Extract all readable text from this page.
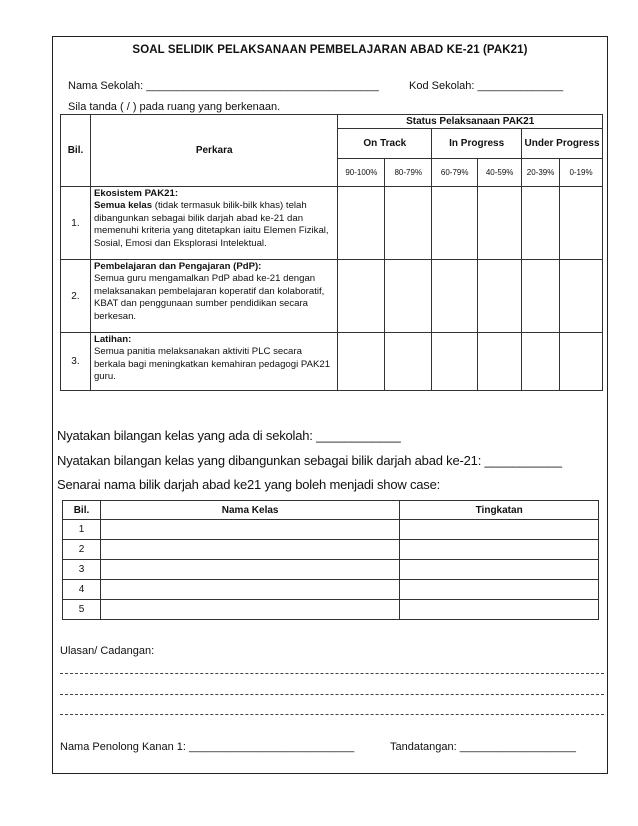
SOAL SELIDIK PELAKSANAAN PEMBELAJARAN ABAD KE-21 (PAK21)
Nama Sekolah: ______________________________________	Kod Sekolah: ______________
Sila tanda ( / ) pada ruang yang berkenaan.
Bil.	Perkara	Status Pelaksanaan PAK21					
		On Track		In Progress		Under Progress	
		90-100%	80-79%	60-79%	40-59%	20-39%	0-19%
1.	Ekosistem PAK21:
Semua kelas (tidak termasuk bilik-bilk khas) telah dibangunkan sebagai bilik darjah abad ke-21 dan memenuhi kriteria yang ditetapkan iaitu Elemen Fizikal, Sosial, Emosi dan Eksplorasi Intelektual.						
2.	Pembelajaran dan Pengajaran (PdP):
Semua guru mengamalkan PdP abad ke-21 dengan melaksanakan pembelajaran koperatif dan kolaboratif, KBAT dan penggunaan sumber pendidikan secara berkesan.						
3.	Latihan:
Semua panitia melaksanakan aktiviti PLC secara berkala bagi meningkatkan kemahiran pedagogi PAK21 guru.						
Nyatakan bilangan kelas yang ada di sekolah: ____________
Nyatakan bilangan kelas yang dibangunkan sebagai bilik darjah abad ke-21: ___________
Senarai nama bilik darjah abad ke21 yang boleh menjadi show case:
Bil.	Nama Kelas	Tingkatan
1		
2		
3		
4		
5		
Ulasan/ Cadangan:
Nama Penolong Kanan 1: ___________________________	Tandatangan: ___________________
